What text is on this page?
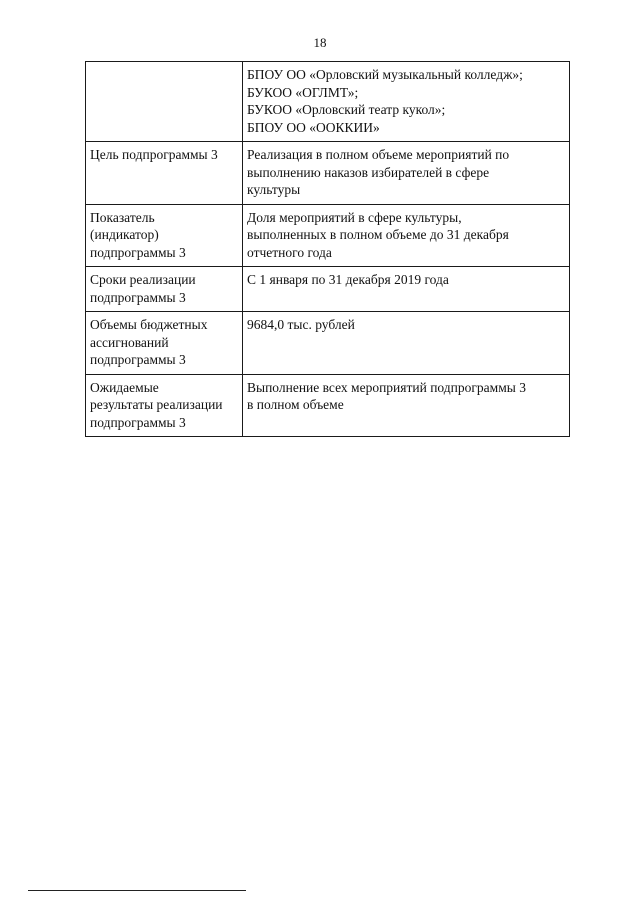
18

	БПОУ ОО «Орловский музыкальный колледж»;
БУКОО «ОГЛМТ»;
БУКОО «Орловский театр кукол»;
БПОУ ОО «ООККИИ»

Цель подпрограммы 3	Реализация в полном объеме мероприятий по
выполнению наказов избирателей в сфере
культуры

Показатель
(индикатор)
подпрограммы 3	Доля мероприятий в сфере культуры,
выполненных в полном объеме до 31 декабря
отчетного года

Сроки реализации
подпрограммы 3	С 1 января по 31 декабря 2019 года

Объемы бюджетных
ассигнований
подпрограммы 3	9684,0 тыс. рублей

Ожидаемые
результаты реализации
подпрограммы 3	Выполнение всех мероприятий подпрограммы 3
в полном объеме
